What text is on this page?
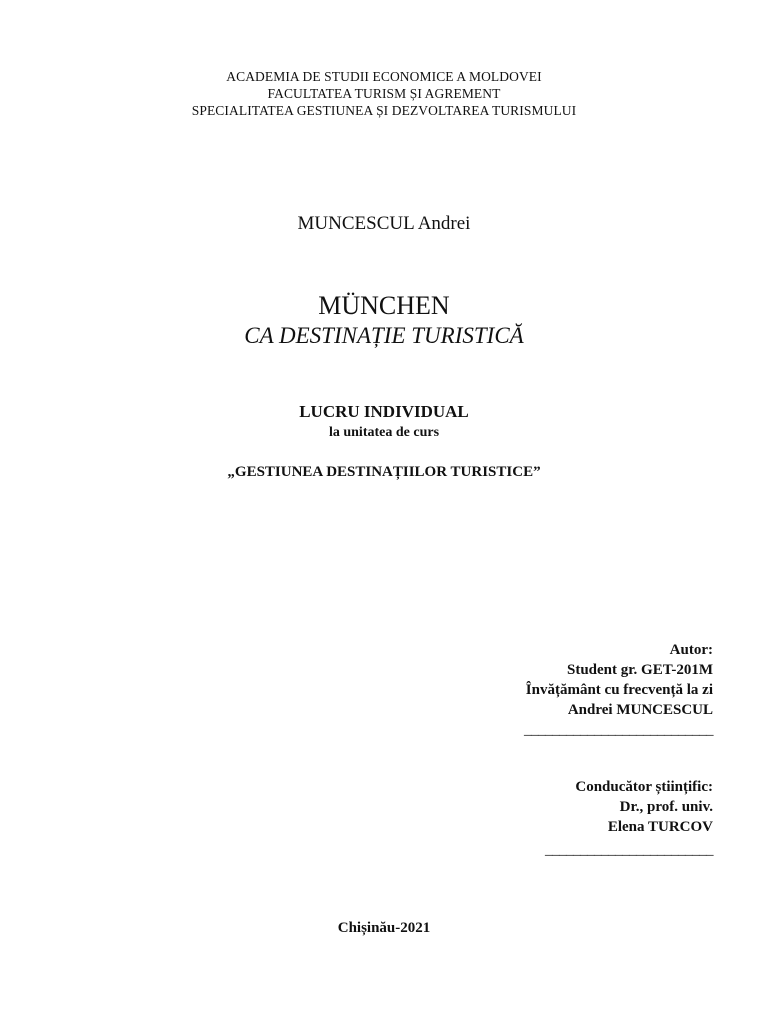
ACADEMIA DE STUDII ECONOMICE A MOLDOVEI
FACULTATEA TURISM ȘI AGREMENT
SPECIALITATEA GESTIUNEA ȘI DEZVOLTAREA TURISMULUI
MUNCESCUL Andrei
MÜNCHEN
CA DESTINAȚIE TURISTICĂ
LUCRU INDIVIDUAL
la unitatea de curs
„GESTIUNEA DESTINAȚIILOR TURISTICE”
Autor:
Student gr. GET-201M
Învățământ cu frecvență la zi
Andrei MUNCESCUL
___________________________
Conducător științific:
Dr., prof. univ.
Elena TURCOV
________________________
Chișinău-2021
